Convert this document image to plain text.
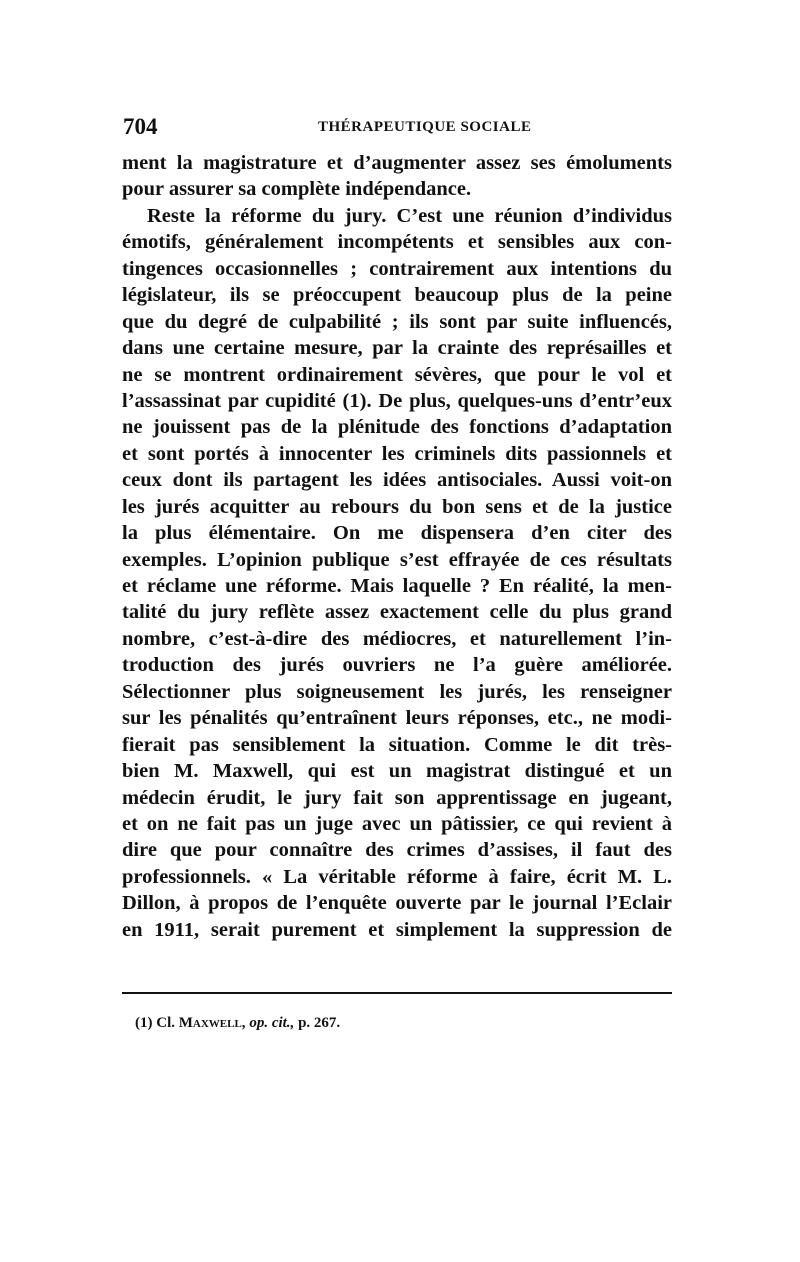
704	THÉRAPEUTIQUE SOCIALE
ment la magistrature et d’augmenter assez ses émoluments
pour assurer sa complète indépendance.
Reste la réforme du jury. C’est une réunion d’individus
émotifs, généralement incompétents et sensibles aux con-
tingences occasionnelles ; contrairement aux intentions du
législateur, ils se préoccupent beaucoup plus de la peine
que du degré de culpabilité ; ils sont par suite influencés,
dans une certaine mesure, par la crainte des représailles et
ne se montrent ordinairement sévères, que pour le vol et
l’assassinat par cupidité (1). De plus, quelques-uns d’entr’eux
ne jouissent pas de la plénitude des fonctions d’adaptation
et sont portés à innocenter les criminels dits passionnels et
ceux dont ils partagent les idées antisociales. Aussi voit-on
les jurés acquitter au rebours du bon sens et de la justice
la plus élémentaire. On me dispensera d’en citer des
exemples. L’opinion publique s’est effrayée de ces résultats
et réclame une réforme. Mais laquelle ? En réalité, la men-
talité du jury reflète assez exactement celle du plus grand
nombre, c’est-à-dire des médiocres, et naturellement l’in-
troduction des jurés ouvriers ne l’a guère améliorée.
Sélectionner plus soigneusement les jurés, les renseigner
sur les pénalités qu’entraînent leurs réponses, etc., ne modi-
fierait pas sensiblement la situation. Comme le dit très-
bien M. Maxwell, qui est un magistrat distingué et un
médecin érudit, le jury fait son apprentissage en jugeant,
et on ne fait pas un juge avec un pâtissier, ce qui revient à
dire que pour connaître des crimes d’assises, il faut des
professionnels. « La véritable réforme à faire, écrit M. L.
Dillon, à propos de l’enquête ouverte par le journal l’Eclair
en 1911, serait purement et simplement la suppression de
(1) Cl. Maxwell, op. cit., p. 267.
